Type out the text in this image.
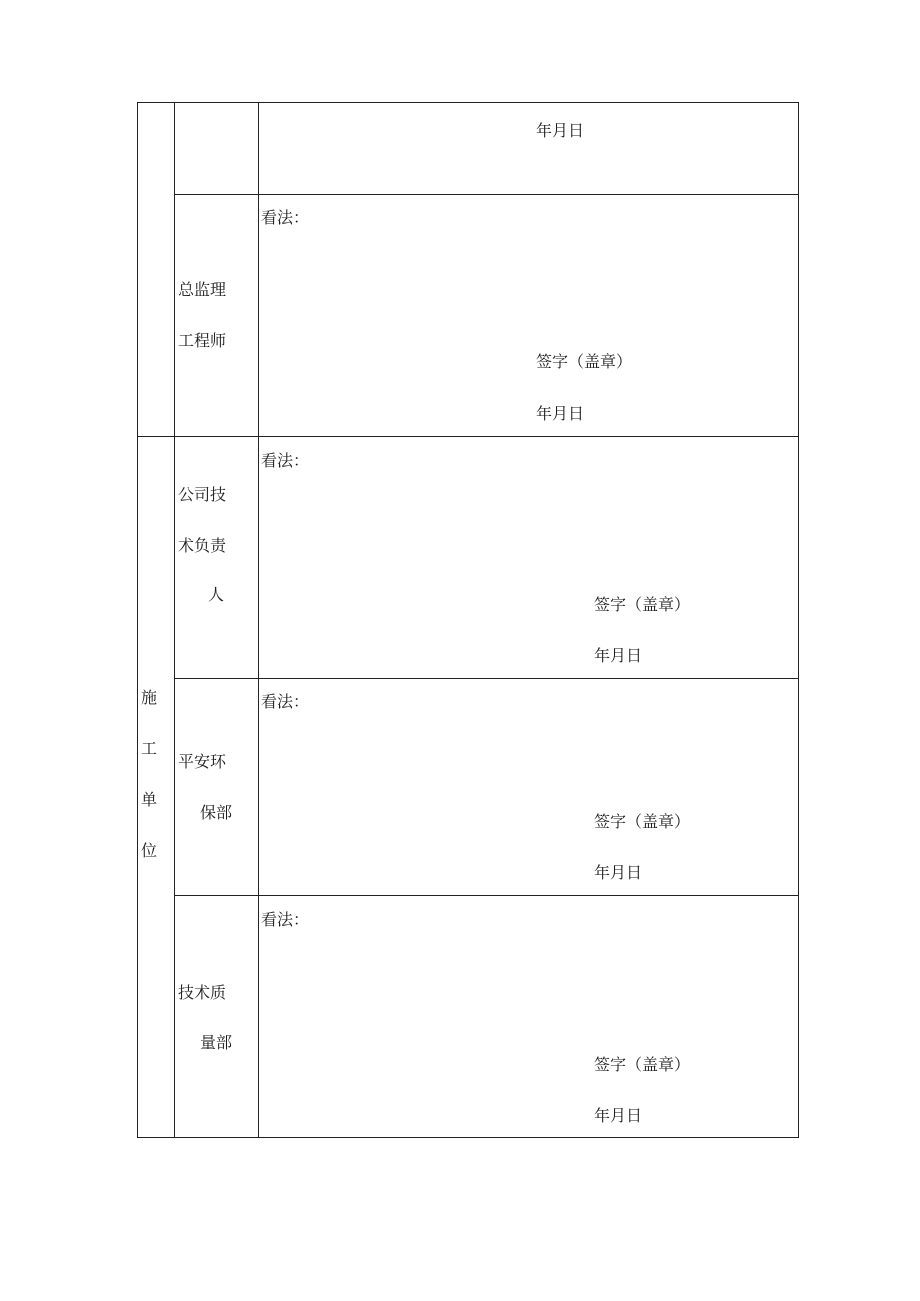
年月日
总监理
工程师
看法：
签字（盖章）
年月日
施
工
单
位
公司技
术负责
人
看法：
签字（盖章）
年月日
平安环
保部
看法：
签字（盖章）
年月日
技术质
量部
看法：
签字（盖章）
年月日
